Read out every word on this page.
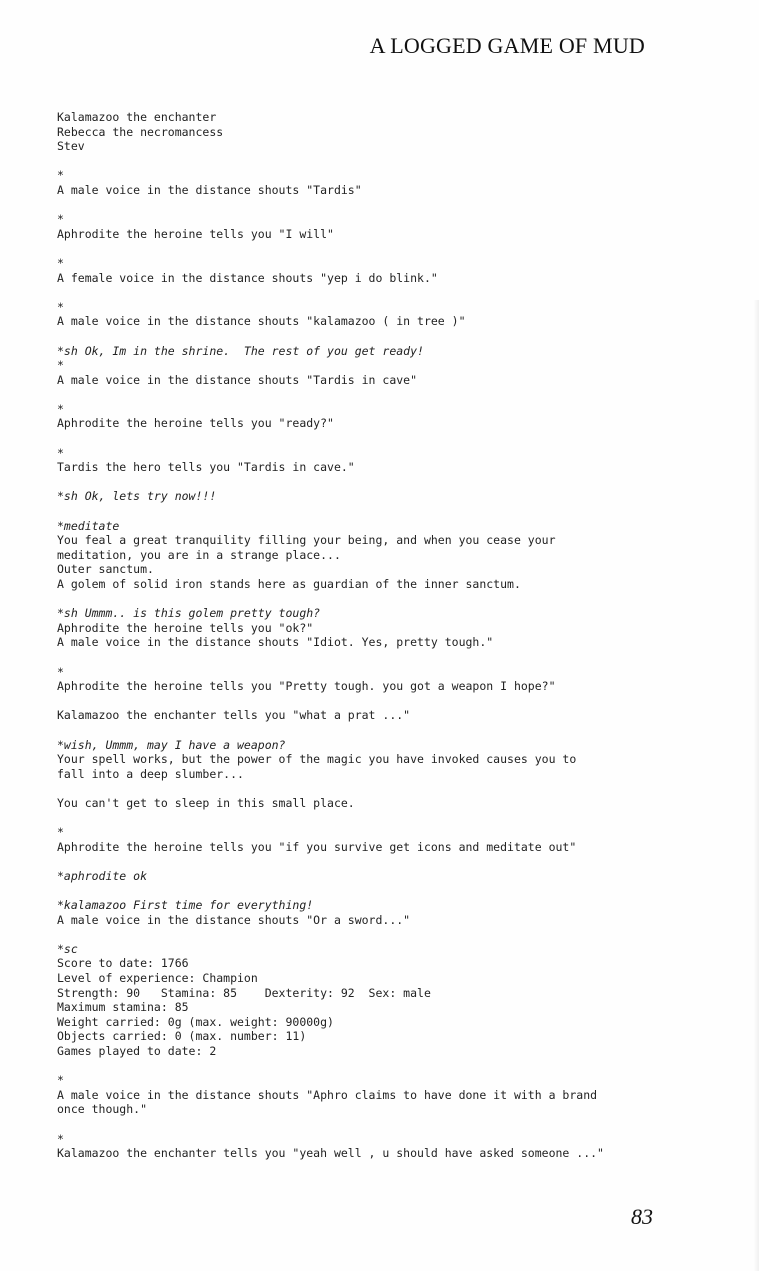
A LOGGED GAME OF MUD
Kalamazoo the enchanter
Rebecca the necromancess
Stev
*
A male voice in the distance shouts "Tardis"
*
Aphrodite the heroine tells you "I will"
*
A female voice in the distance shouts "yep i do blink."
*
A male voice in the distance shouts "kalamazoo ( in tree )"
*sh Ok, Im in the shrine.  The rest of you get ready!
*
A male voice in the distance shouts "Tardis in cave"
*
Aphrodite the heroine tells you "ready?"
*
Tardis the hero tells you "Tardis in cave."
*sh Ok, lets try now!!!
*meditate
You feal a great tranquility filling your being, and when you cease your
meditation, you are in a strange place...
Outer sanctum.
A golem of solid iron stands here as guardian of the inner sanctum.
*sh Ummm.. is this golem pretty tough?
Aphrodite the heroine tells you "ok?"
A male voice in the distance shouts "Idiot. Yes, pretty tough."
*
Aphrodite the heroine tells you "Pretty tough. you got a weapon I hope?"
Kalamazoo the enchanter tells you "what a prat ..."
*wish, Ummm, may I have a weapon?
Your spell works, but the power of the magic you have invoked causes you to
fall into a deep slumber...
You can't get to sleep in this small place.
*
Aphrodite the heroine tells you "if you survive get icons and meditate out"
*aphrodite ok
*kalamazoo First time for everything!
A male voice in the distance shouts "Or a sword..."
*sc
Score to date: 1766
Level of experience: Champion
Strength: 90   Stamina: 85    Dexterity: 92  Sex: male
Maximum stamina: 85
Weight carried: 0g (max. weight: 90000g)
Objects carried: 0 (max. number: 11)
Games played to date: 2
*
A male voice in the distance shouts "Aphro claims to have done it with a brand
once though."
*
Kalamazoo the enchanter tells you "yeah well , u should have asked someone ..."
83
